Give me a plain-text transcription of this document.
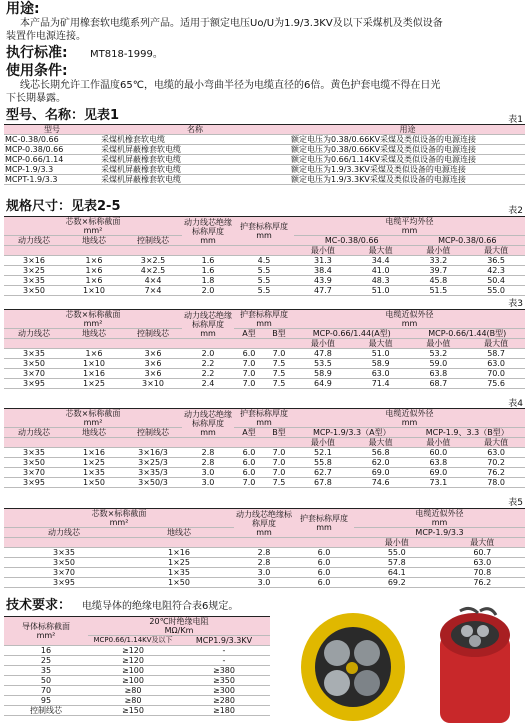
用途:
本产品为矿用橡套软电缆系列产品。适用于额定电压Uo/U为1.9/3.3KV及以下采煤机及类似设备
装置作电源连接。
执行标准: MT818-1999。
使用条件:
线芯长期允许工作温度65℃，电缆的最小弯曲半径为电缆直径的6倍。黄色护套电缆不得在日光
下长期暴露。
型号、名称：见表1	表1
型号	名称	用途
MC-0.38/0.66	采煤机橡套软电缆	额定电压为0.38/0.66KV采煤及类似设备的电源连接
MCP-0.38/0.66	采煤机屏蔽橡套软电缆	额定电压为0.38/0.66KV采煤及类似设备的电源连接
MCP-0.66/1.14	采煤机屏蔽橡套软电缆	额定电压为0.66/1.14KV采煤及类似设备的电源连接
MCP-1.9/3.3	采煤机屏蔽橡套软电缆	额定电压为1.9/3.3KV采煤及类似设备的电源连接
MCPT-1.9/3.3	采煤机屏蔽橡套软电缆	额定电压为1.9/3.3KV采煤及类似设备的电源连接
规格尺寸：见表2-5	表2
芯数×标称截面
mm²			动力线芯绝缘标称厚度
mm	护套标称厚度
mm	电缆平均外径
mm			
动力线芯	地线芯	控制线芯			MC-0.38/0.66		MCP-0.38/0.66	
					最小值	最大值	最小值	最大值
3×16	1×6	3×2.5	1.6	4.5	31.3	34.4	33.2	36.5
3×25	1×6	4×2.5	1.6	5.5	38.4	41.0	39.7	42.3
3×35	1×6	4×4	1.8	5.5	43.9	48.3	45.8	50.4
3×50	1×10	7×4	2.0	5.5	47.7	51.0	51.5	55.0
表3
芯数×标称截面
mm²			动力线芯绝缘标称厚度
mm	护套标称厚度
mm		电缆近似外径
mm			
动力线芯	地线芯	控制线芯		A型	B型	MCP-0.66/1.44(A型)		MCP-0.66/1.44(B型)	
						最小值	最大值	最小值	最大值
3×35	1×6	3×6	2.0	6.0	7.0	47.8	51.0	53.2	58.7
3×50	1×10	3×6	2.2	7.0	7.5	53.5	58.9	59.0	63.0
3×70	1×16	3×6	2.2	7.0	7.5	58.9	63.0	63.8	70.0
3×95	1×25	3×10	2.4	7.0	7.5	64.9	71.4	68.7	75.6
表4
芯数×标称截面
mm²			动力线芯绝缘标称厚度
mm	护套标称厚度
mm		电缆近似外径
mm			
动力线芯	地线芯	控制线芯		A型	B型	MCP-1.9/3.3（A型）		MCP-1.9、3.3（B型）	
						最小值	最大值	最小值	最大值
3×35	1×16	3×16/3	2.8	6.0	7.0	52.1	56.8	60.0	63.0
3×50	1×25	3×25/3	2.8	6.0	7.0	55.8	62.0	63.8	70.2
3×70	1×35	3×35/3	3.0	6.0	7.0	62.7	69.0	69.0	76.2
3×95	1×50	3×50/3	3.0	7.0	7.5	67.8	74.6	73.1	78.0
表5
芯数×标称截面
mm²		动力线芯绝缘标称厚度
mm	护套标称厚度
mm	电缆近似外径
mm	
动力线芯	地线芯			MCP-1.9/3.3	
				最小值	最大值
3×35	1×16	2.8	6.0	55.0	60.7
3×50	1×25	2.8	6.0	57.8	63.0
3×70	1×35	3.0	6.0	64.1	70.8
3×95	1×50	3.0	6.0	69.2	76.2
技术要求： 电缆导体的绝缘电阻符合表6规定。
导体标称截面
mm²	20℃时绝缘电阻
MΩ/Km	
	MCP0.66/1.14KV及以下	MCP1.9/3.3KV
16	≥120	-
25	≥120	-
35	≥100	≥380
50	≥100	≥350
70	≥80	≥300
95	≥80	≥280
控制线芯	≥150	≥180
